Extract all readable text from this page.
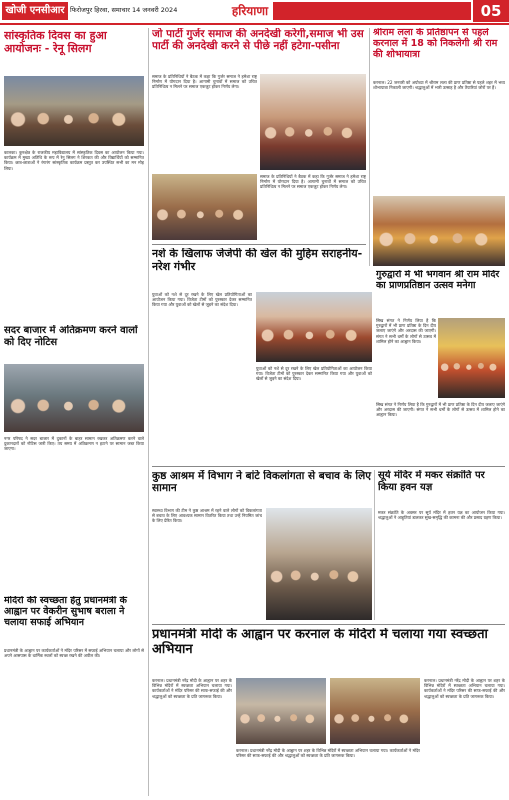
खोजी एनसीआर फिरोजपुर हिरवा, समाचार 14 जनवरी 2024	हरियाणा	05
सांस्कृतिक दिवस का हुआ आयोजनः - रेनू सिलग
कालका। कुरुक्षेत्र के राजकीय महाविद्यालय में सांस्कृतिक दिवस का आयोजन किया गया। कार्यक्रम में मुख्य अतिथि के रूप में रेनू सिलग ने शिरकत की और विद्यार्थियों को सम्मानित किया। छात्र-छात्राओं ने रंगारंग सांस्कृतिक कार्यक्रम प्रस्तुत कर उपस्थित सभी का मन मोह लिया।
सदर बाजार में अतिक्रमण करने वालों को दिए नोटिस
नगर परिषद ने सदर बाजार में दुकानों के बाहर सामान रखकर अतिक्रमण करने वाले दुकानदारों को नोटिस जारी किए। तय समय में अतिक्रमण न हटाने पर सामान जब्त किया जाएगा।
मंदिरों की स्वच्छता हेतु प्रधानमंत्री के आह्वान पर वेकरीन सुभाष बराला ने चलाया सफाई अभियान
प्रधानमंत्री के आह्वान पर कार्यकर्ताओं ने मंदिर परिसर में सफाई अभियान चलाया और लोगों से अपने आसपास के धार्मिक स्थलों को स्वच्छ रखने की अपील की।
जो पार्टी गुर्जर समाज की अनदेखी करेगी,समाज भी उस पार्टी की अनदेखी करने से पीछे नहीं हटेगा-पसीना
समाज के प्रतिनिधियों ने बैठक में कहा कि गुर्जर समाज ने हमेशा राष्ट्र निर्माण में योगदान दिया है। आगामी चुनावों में समाज को उचित प्रतिनिधित्व न मिलने पर समाज एकजुट होकर निर्णय लेगा।
समाज के प्रतिनिधियों ने बैठक में कहा कि गुर्जर समाज ने हमेशा राष्ट्र निर्माण में योगदान दिया है। आगामी चुनावों में समाज को उचित प्रतिनिधित्व न मिलने पर समाज एकजुट होकर निर्णय लेगा।
श्रीराम लला के प्रतिष्ठापन से पहले करनाल में 18 को निकलेगी श्री राम की शोभायात्रा
करनाल। 22 जनवरी को अयोध्या में श्रीराम लला की प्राण प्रतिष्ठा से पहले शहर में भव्य शोभायात्रा निकाली जाएगी। श्रद्धालुओं में भारी उत्साह है और तैयारियां जोरों पर हैं।
नशे के खिलाफ जेजेपी की खेल की मुहिम सराहनीय-नरेश गंभीर
युवाओं को नशे से दूर रखने के लिए खेल प्रतियोगिताओं का आयोजन किया गया। विजेता टीमों को पुरस्कार देकर सम्मानित किया गया और युवाओं को खेलों से जुड़ने का संदेश दिया।
युवाओं को नशे से दूर रखने के लिए खेल प्रतियोगिताओं का आयोजन किया गया। विजेता टीमों को पुरस्कार देकर सम्मानित किया गया और युवाओं को खेलों से जुड़ने का संदेश दिया।
गुरुद्वारों में भी भगवान श्री राम मंदिर का प्राणप्रतिष्ठान उत्सव मनेगा
सिख संगत ने निर्णय लिया है कि गुरुद्वारों में भी प्राण प्रतिष्ठा के दिन दीप जलाए जाएंगे और अरदास की जाएगी। संगत ने सभी धर्मों के लोगों से उत्सव में शामिल होने का आह्वान किया।
सिख संगत ने निर्णय लिया है कि गुरुद्वारों में भी प्राण प्रतिष्ठा के दिन दीप जलाए जाएंगे और अरदास की जाएगी। संगत ने सभी धर्मों के लोगों से उत्सव में शामिल होने का आह्वान किया।
कुष्ठ आश्रम में विभाग ने बांटे विकलांगता से बचाव के लिए सामान
स्वास्थ्य विभाग की टीम ने कुष्ठ आश्रम में रहने वाले लोगों को विकलांगता से बचाव के लिए आवश्यक सामान वितरित किया तथा उन्हें नियमित जांच के लिए प्रेरित किया।
सूर्य मंदिर में मकर संक्रांति पर किया हवन यज्ञ
मकर संक्रांति के अवसर पर सूर्य मंदिर में हवन यज्ञ का आयोजन किया गया। श्रद्धालुओं ने आहुतियां डालकर सुख-समृद्धि की कामना की और प्रसाद ग्रहण किया।
प्रधानमंत्री मोदी के आह्वान पर करनाल के मंदिरों में चलाया गया स्वच्छता अभियान
करनाल। प्रधानमंत्री नरेंद्र मोदी के आह्वान पर शहर के विभिन्न मंदिरों में स्वच्छता अभियान चलाया गया। कार्यकर्ताओं ने मंदिर परिसर की साफ-सफाई की और श्रद्धालुओं को स्वच्छता के प्रति जागरूक किया।
करनाल। प्रधानमंत्री नरेंद्र मोदी के आह्वान पर शहर के विभिन्न मंदिरों में स्वच्छता अभियान चलाया गया। कार्यकर्ताओं ने मंदिर परिसर की साफ-सफाई की और श्रद्धालुओं को स्वच्छता के प्रति जागरूक किया।
करनाल। प्रधानमंत्री नरेंद्र मोदी के आह्वान पर शहर के विभिन्न मंदिरों में स्वच्छता अभियान चलाया गया। कार्यकर्ताओं ने मंदिर परिसर की साफ-सफाई की और श्रद्धालुओं को स्वच्छता के प्रति जागरूक किया।
